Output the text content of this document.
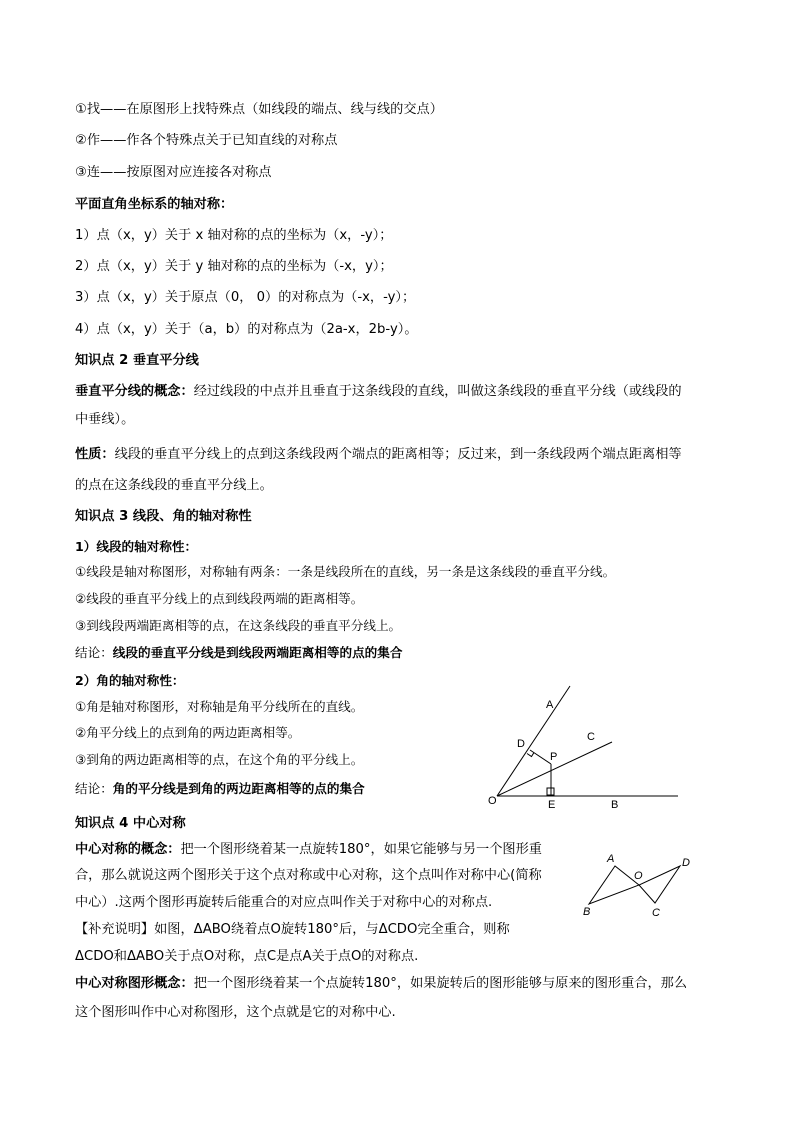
①找——在原图形上找特殊点（如线段的端点、线与线的交点）
②作——作各个特殊点关于已知直线的对称点
③连——按原图对应连接各对称点
平面直角坐标系的轴对称：
1）点（x，y）关于 x 轴对称的点的坐标为（x，-y）；
2）点（x，y）关于 y 轴对称的点的坐标为（-x，y）；
3）点（x，y）关于原点（0， 0）的对称点为（-x，-y）；
4）点（x，y）关于（a，b）的对称点为（2a-x，2b-y）。
知识点 2 垂直平分线
垂直平分线的概念：经过线段的中点并且垂直于这条线段的直线，叫做这条线段的垂直平分线（或线段的
中垂线）。
性质：线段的垂直平分线上的点到这条线段两个端点的距离相等；反过来，到一条线段两个端点距离相等
的点在这条线段的垂直平分线上。
知识点 3 线段、角的轴对称性
1）线段的轴对称性：
①线段是轴对称图形，对称轴有两条：一条是线段所在的直线，另一条是这条线段的垂直平分线。
②线段的垂直平分线上的点到线段两端的距离相等。
③到线段两端距离相等的点，在这条线段的垂直平分线上。
结论：线段的垂直平分线是到线段两端距离相等的点的集合
2）角的轴对称性：
①角是轴对称图形，对称轴是角平分线所在的直线。
②角平分线上的点到角的两边距离相等。
③到角的两边距离相等的点，在这个角的平分线上。
结论：角的平分线是到角的两边距离相等的点的集合
A
C
D
P
O	E	B
知识点 4 中心对称
中心对称的概念：把一个图形绕着某一点旋转180°，如果它能够与另一个图形重
合，那么就说这两个图形关于这个点对称或中心对称，这个点叫作对称中心(简称
中心）.这两个图形再旋转后能重合的对应点叫作关于对称中心的对称点.
【补充说明】如图，ΔABO绕着点O旋转180°后，与ΔCDO完全重合，则称
ΔCDO和ΔABO关于点O对称，点C是点A关于点O的对称点.
A	D
O
B	C
中心对称图形概念：把一个图形绕着某一个点旋转180°，如果旋转后的图形能够与原来的图形重合，那么
这个图形叫作中心对称图形，这个点就是它的对称中心.
